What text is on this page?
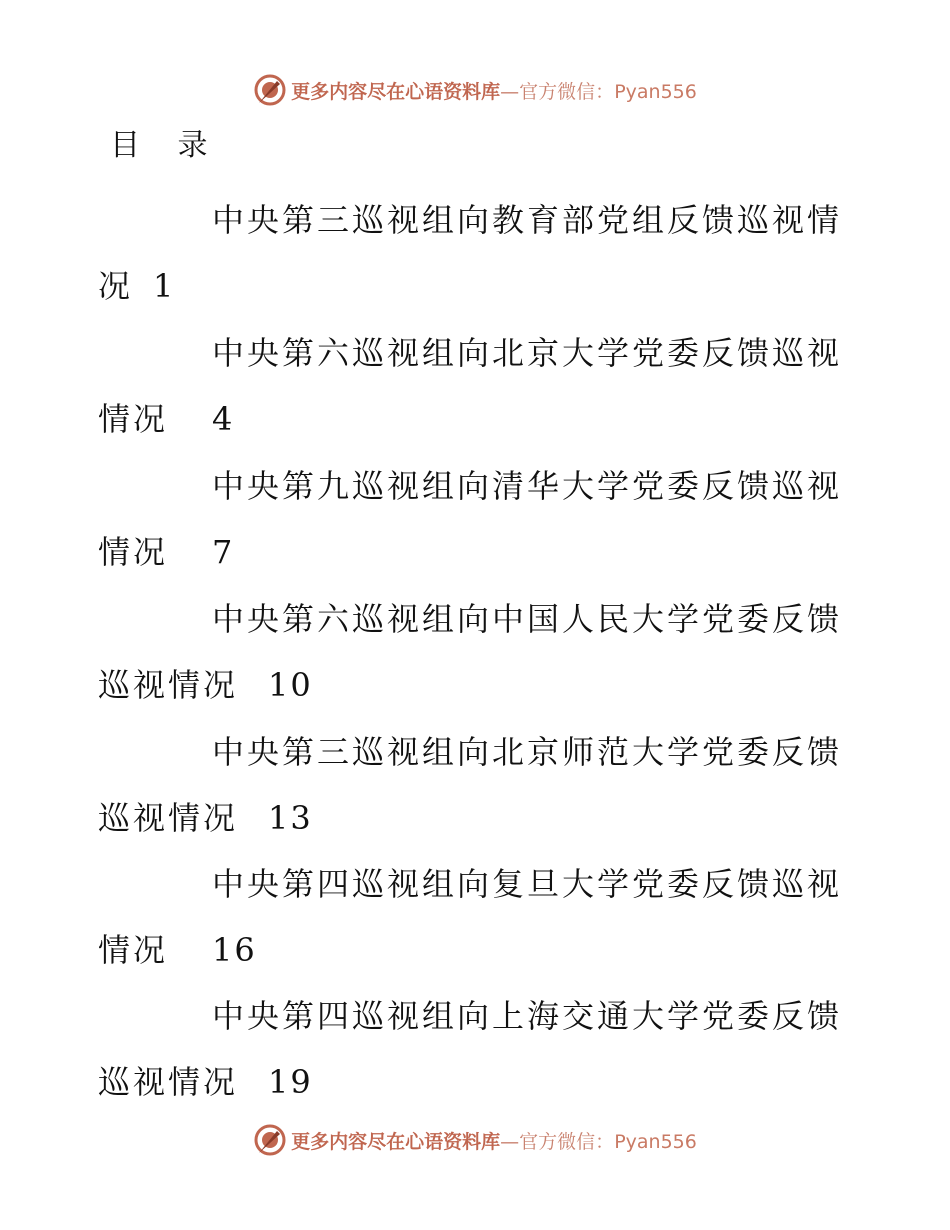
更多内容尽在心语资料库—官方微信：Pyan556
目 录
中央第三巡视组向教育部党组反馈巡视情
况 1
中央第六巡视组向北京大学党委反馈巡视
情况 4
中央第九巡视组向清华大学党委反馈巡视
情况 7
中央第六巡视组向中国人民大学党委反馈
巡视情况 10
中央第三巡视组向北京师范大学党委反馈
巡视情况 13
中央第四巡视组向复旦大学党委反馈巡视
情况 16
中央第四巡视组向上海交通大学党委反馈
巡视情况 19
更多内容尽在心语资料库—官方微信：Pyan556
